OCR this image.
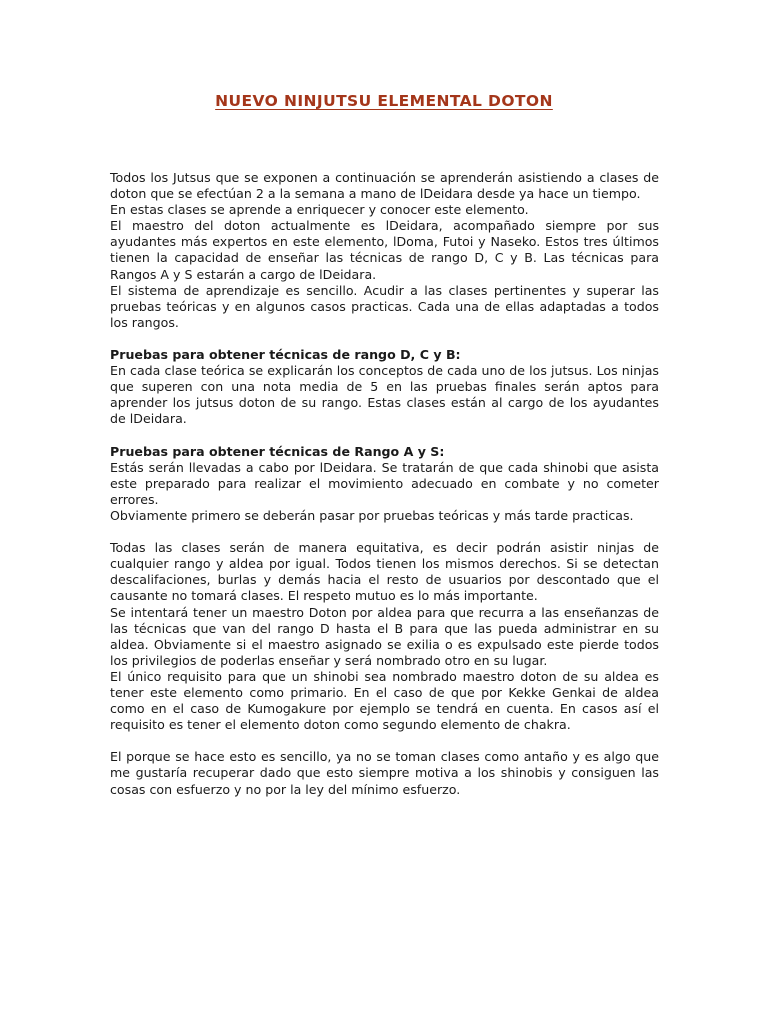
NUEVO NINJUTSU ELEMENTAL DOTON

Todos los Jutsus que se exponen a continuación se aprenderán asistiendo a clases de doton que se efectúan 2 a la semana a mano de lDeidara desde ya hace un tiempo.

En estas clases se aprende a enriquecer y conocer este elemento.

El maestro del doton actualmente es lDeidara, acompañado siempre por sus ayudantes más expertos en este elemento, lDoma, Futoi y Naseko. Estos tres últimos tienen la capacidad de enseñar las técnicas de rango D, C y B. Las técnicas para Rangos A y S estarán a cargo de lDeidara.

El sistema de aprendizaje es sencillo. Acudir a las clases pertinentes y superar las pruebas teóricas y en algunos casos practicas. Cada una de ellas adaptadas a todos los rangos.

Pruebas para obtener técnicas de rango D, C y B:

En cada clase teórica se explicarán los conceptos de cada uno de los jutsus. Los ninjas que superen con una nota media de 5 en las pruebas finales serán aptos para aprender los jutsus doton de su rango. Estas clases están al cargo de los ayudantes de lDeidara.

Pruebas para obtener técnicas de Rango A y S:

Estás serán llevadas a cabo por lDeidara. Se tratarán de que cada shinobi que asista este preparado para realizar el movimiento adecuado en combate y no cometer errores.

Obviamente primero se deberán pasar por pruebas teóricas y más tarde practicas.

Todas las clases serán de manera equitativa, es decir podrán asistir ninjas de cualquier rango y aldea por igual. Todos tienen los mismos derechos. Si se detectan descalifaciones, burlas y demás hacia el resto de usuarios por descontado que el causante no tomará clases. El respeto mutuo es lo más importante.

Se intentará tener un maestro Doton por aldea para que recurra a las enseñanzas de las técnicas que van del rango D hasta el B para que las pueda administrar en su aldea. Obviamente si el maestro asignado se exilia o es expulsado este pierde todos los privilegios de poderlas enseñar y será nombrado otro en su lugar.

El único requisito para que un shinobi sea nombrado maestro doton de su aldea es tener este elemento como primario. En el caso de que por Kekke Genkai de aldea como en el caso de Kumogakure por ejemplo se tendrá en cuenta. En casos así el requisito es tener el elemento doton como segundo elemento de chakra.

El porque se hace esto es sencillo, ya no se toman clases como antaño y es algo que me gustaría recuperar dado que esto siempre motiva a los shinobis y consiguen las cosas con esfuerzo y no por la ley del mínimo esfuerzo.
